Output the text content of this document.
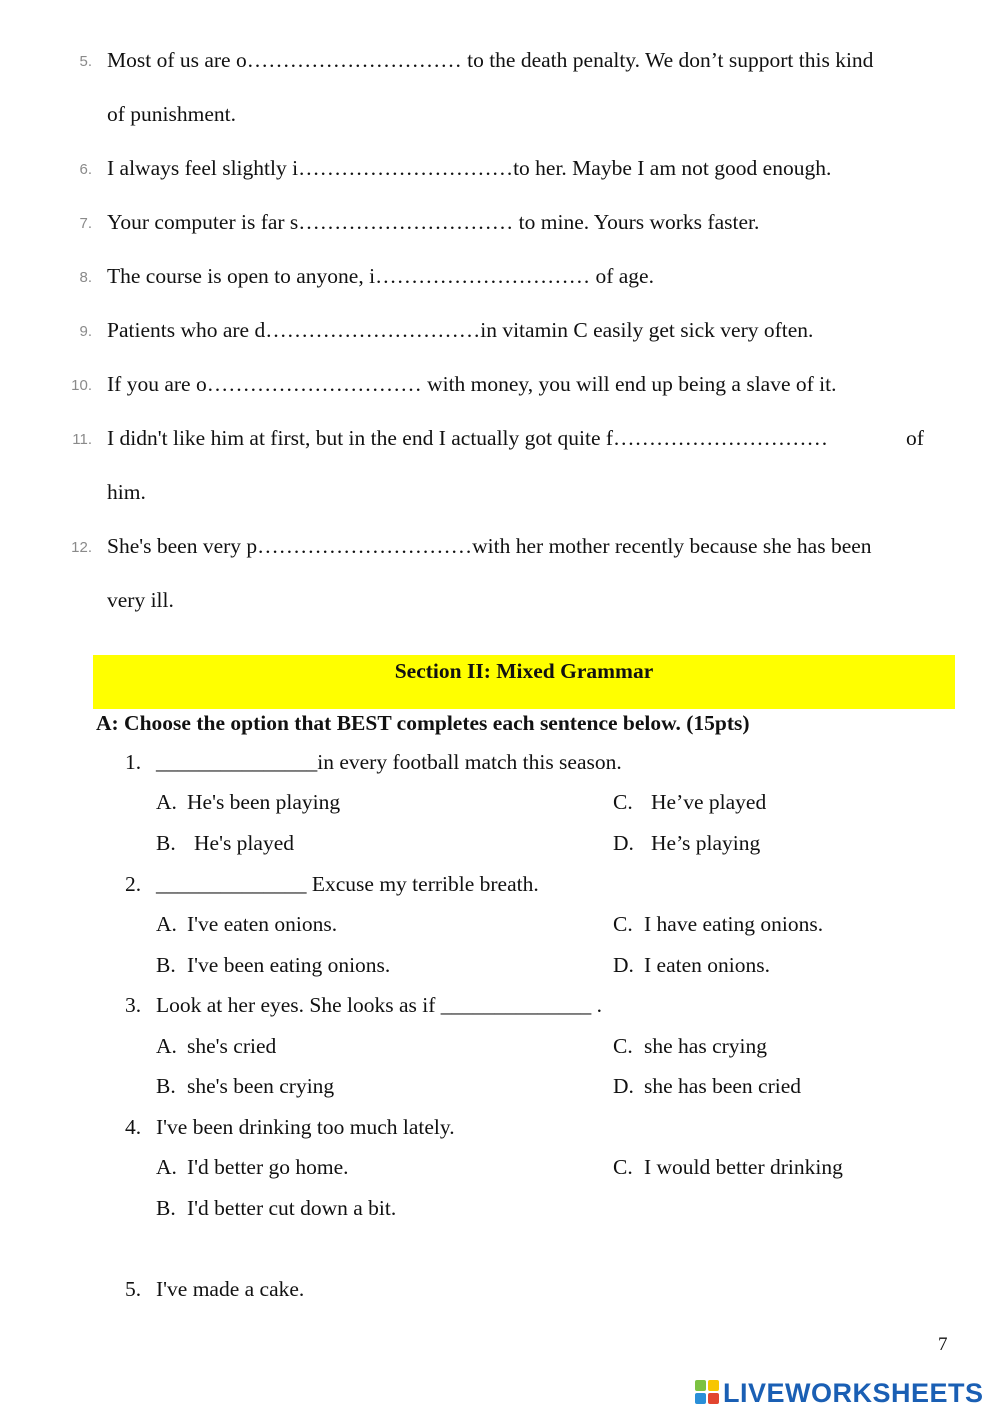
5. Most of us are o………………………… to the death penalty. We don’t support this kind
of punishment.
6. I always feel slightly i…………………………to her. Maybe I am not good enough.
7. Your computer is far s………………………… to mine. Yours works faster.
8. The course is open to anyone, i………………………… of age.
9. Patients who are d…………………………in vitamin C easily get sick very often.
10. If you are o………………………… with money, you will end up being a slave of it.
11. I didn't like him at first, but in the end I actually got quite f…………………………	of
him.
12. She's been very p…………………………with her mother recently because she has been
very ill.
Section II: Mixed Grammar
A: Choose the option that BEST completes each sentence below. (15pts)
1. _______________in every football match this season.
A. He's been playing
B. He's played
C. He’ve played
D. He’s playing
2. ______________ Excuse my terrible breath.
A. I've eaten onions.
B. I've been eating onions.
C. I have eating onions.
D. I eaten onions.
3. Look at her eyes. She looks as if ______________ .
A. she's cried
B. she's been crying
C. she has crying
D. she has been cried
4. I've been drinking too much lately.
A. I'd better go home.
B. I'd better cut down a bit.
C. I would better drinking
5. I've made a cake.
7
LIVEWORKSHEETS
